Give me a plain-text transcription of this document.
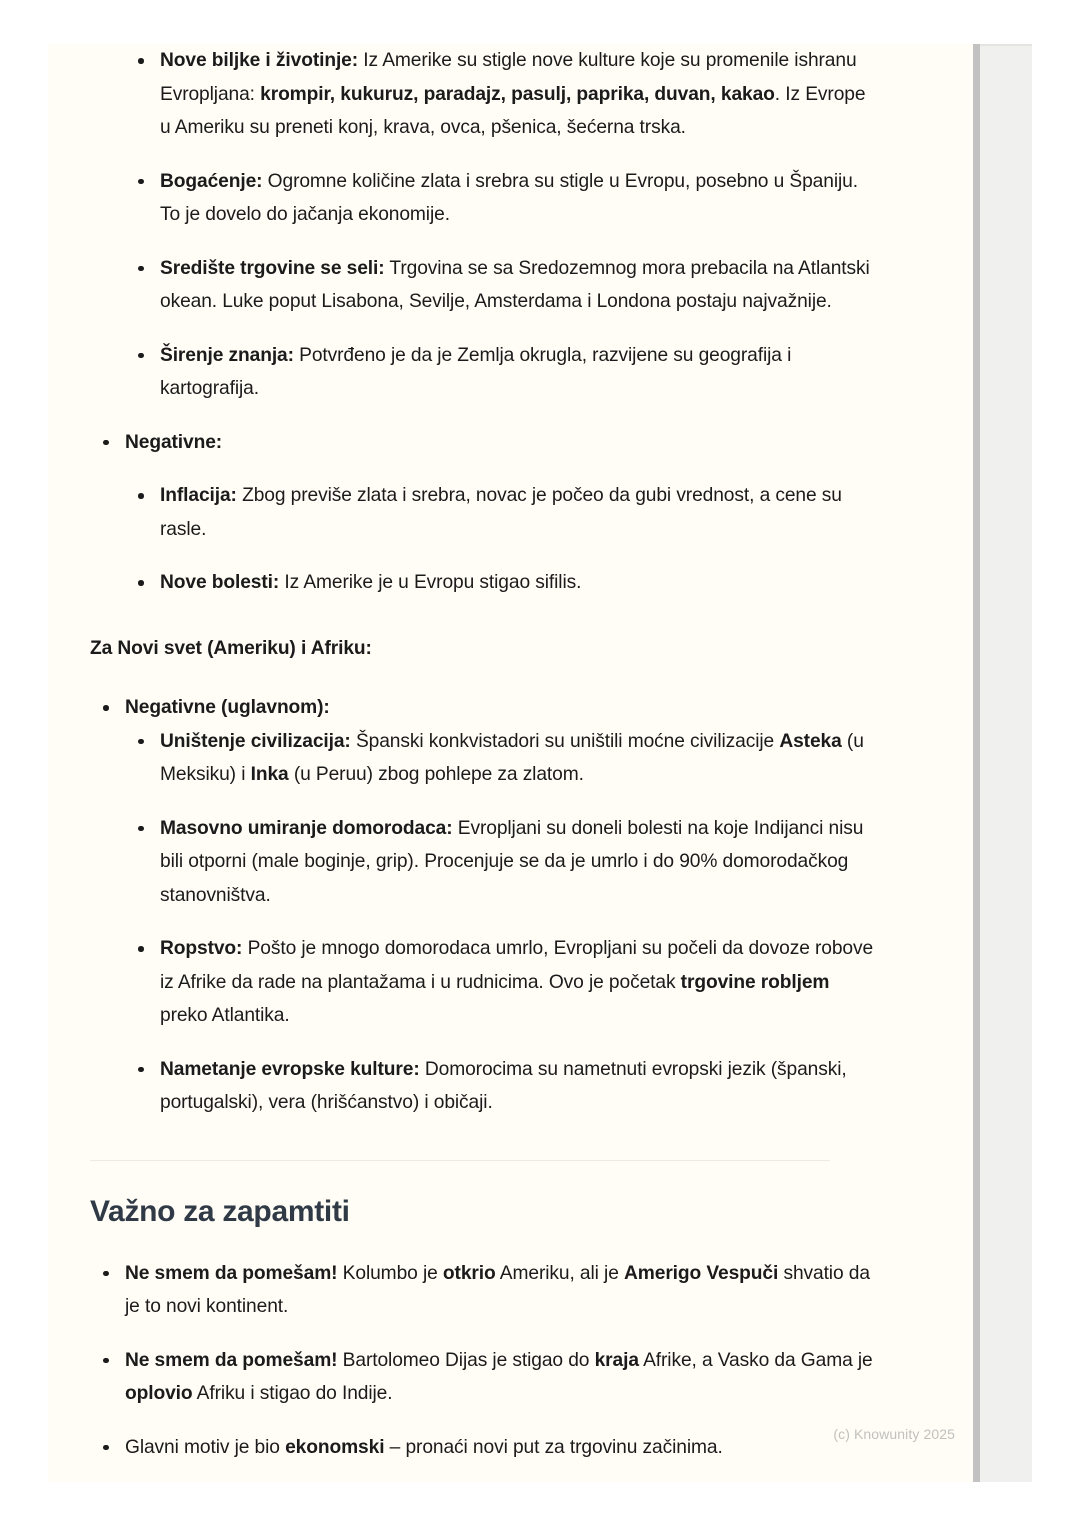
Nove biljke i životinje: Iz Amerike su stigle nove kulture koje su promenile ishranu Evropljana: krompir, kukuruz, paradajz, pasulj, paprika, duvan, kakao. Iz Evrope u Ameriku su preneti konj, krava, ovca, pšenica, šećerna trska.
Bogaćenje: Ogromne količine zlata i srebra su stigle u Evropu, posebno u Španiju. To je dovelo do jačanja ekonomije.
Središte trgovine se seli: Trgovina se sa Sredozemnog mora prebacila na Atlantski okean. Luke poput Lisabona, Sevilje, Amsterdama i Londona postaju najvažnije.
Širenje znanja: Potvrđeno je da je Zemlja okrugla, razvijene su geografija i kartografija.
Negativne:
Inflacija: Zbog previše zlata i srebra, novac je počeo da gubi vrednost, a cene su rasle.
Nove bolesti: Iz Amerike je u Evropu stigao sifilis.

Za Novi svet (Ameriku) i Afriku:

Negativne (uglavnom):
Uništenje civilizacija: Španski konkvistadori su uništili moćne civilizacije Asteka (u Meksiku) i Inka (u Peruu) zbog pohlepe za zlatom.
Masovno umiranje domorodaca: Evropljani su doneli bolesti na koje Indijanci nisu bili otporni (male boginje, grip). Procenjuje se da je umrlo i do 90% domorodačkog stanovništva.
Ropstvo: Pošto je mnogo domorodaca umrlo, Evropljani su počeli da dovoze robove iz Afrike da rade na plantažama i u rudnicima. Ovo je početak trgovine robljem preko Atlantika.
Nametanje evropske kulture: Domorocima su nametnuti evropski jezik (španski, portugalski), vera (hrišćanstvo) i običaji.
Važno za zapamtiti
Ne smem da pomešam! Kolumbo je otkrio Ameriku, ali je Amerigo Vespuči shvatio da je to novi kontinent.
Ne smem da pomešam! Bartolomeo Dijas je stigao do kraja Afrike, a Vasko da Gama je oplovio Afriku i stigao do Indije.
Glavni motiv je bio ekonomski – pronaći novi put za trgovinu začinima.
(c) Knowunity 2025
